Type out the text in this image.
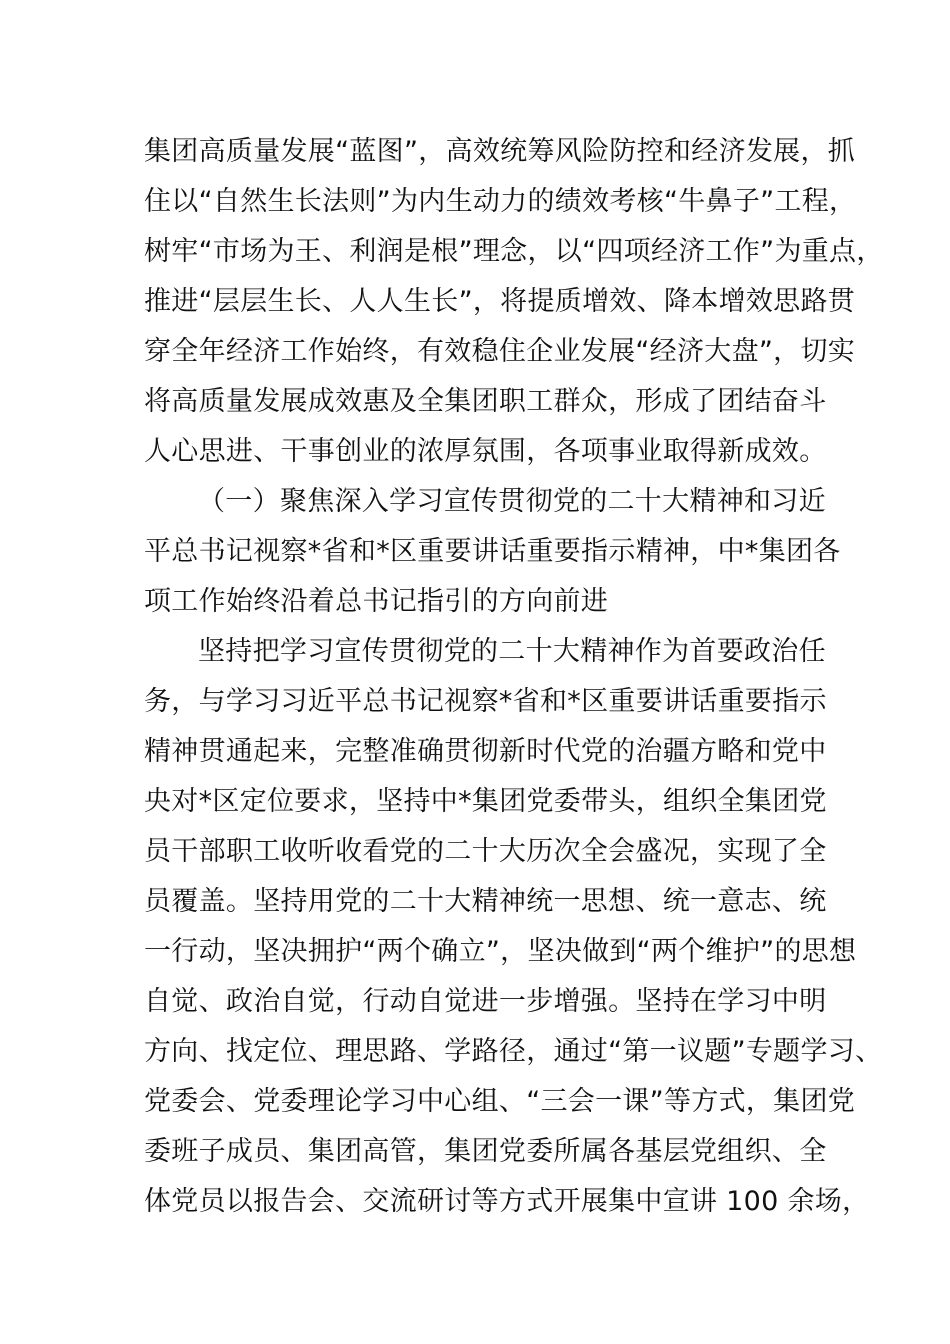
集团高质量发展“蓝图”，高效统筹风险防控和经济发展，抓
住以“自然生长法则”为内生动力的绩效考核“牛鼻子”工程，
树牢“市场为王、利润是根”理念，以“四项经济工作”为重点，
推进“层层生长、人人生长”，将提质增效、降本增效思路贯
穿全年经济工作始终，有效稳住企业发展“经济大盘”，切实
将高质量发展成效惠及全集团职工群众，形成了团结奋斗
人心思进、干事创业的浓厚氛围，各项事业取得新成效。
（一）聚焦深入学习宣传贯彻党的二十大精神和习近
平总书记视察*省和*区重要讲话重要指示精神，中*集团各
项工作始终沿着总书记指引的方向前进
坚持把学习宣传贯彻党的二十大精神作为首要政治任
务，与学习习近平总书记视察*省和*区重要讲话重要指示
精神贯通起来，完整准确贯彻新时代党的治疆方略和党中
央对*区定位要求，坚持中*集团党委带头，组织全集团党
员干部职工收听收看党的二十大历次全会盛况，实现了全
员覆盖。坚持用党的二十大精神统一思想、统一意志、统
一行动，坚决拥护“两个确立”，坚决做到“两个维护”的思想
自觉、政治自觉，行动自觉进一步增强。坚持在学习中明
方向、找定位、理思路、学路径，通过“第一议题”专题学习、
党委会、党委理论学习中心组、“三会一课”等方式，集团党
委班子成员、集团高管，集团党委所属各基层党组织、全
体党员以报告会、交流研讨等方式开展集中宣讲 100 余场，
